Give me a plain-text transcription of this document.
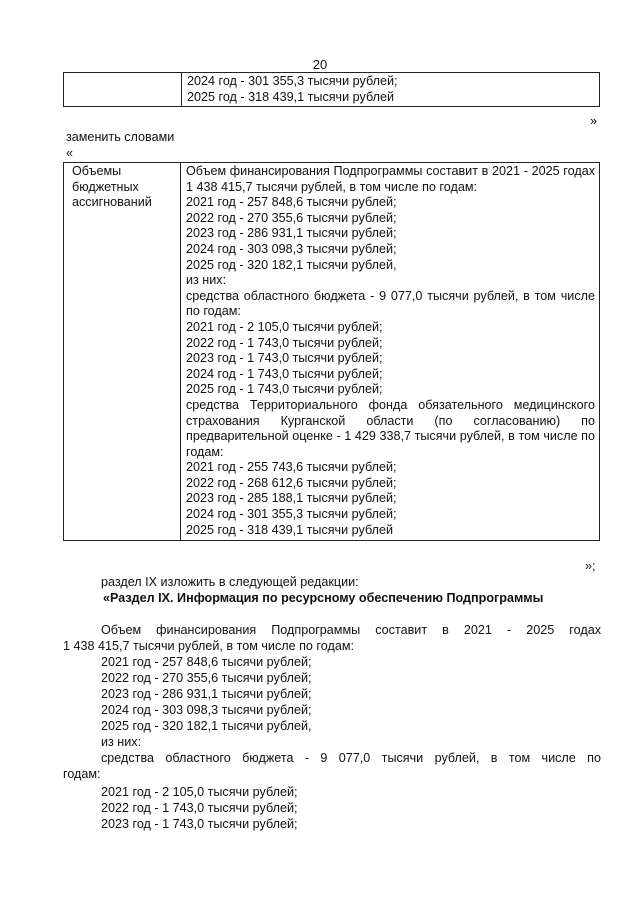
20

2024 год - 301 355,3 тысячи рублей;

2025 год - 318 439,1 тысячи рублей

»
заменить словами
«

Объемы бюджетных ассигнований

Объем финансирования Подпрограммы составит в 2021 - 2025 годах 1 438 415,7 тысячи рублей, в том числе по годам:

2021 год - 257 848,6 тысячи рублей;

2022 год - 270 355,6 тысячи рублей;

2023 год - 286 931,1 тысячи рублей;

2024 год - 303 098,3 тысячи рублей;

2025 год - 320 182,1 тысячи рублей,

из них:

средства областного бюджета - 9 077,0 тысячи рублей, в том числе по годам:

2021 год - 2 105,0 тысячи рублей;

2022 год - 1 743,0 тысячи рублей;

2023 год - 1 743,0 тысячи рублей;

2024 год - 1 743,0 тысячи рублей;

2025 год - 1 743,0 тысячи рублей;

средства Территориального фонда обязательного медицинского страхования Курганской области (по согласованию) по предварительной оценке - 1 429 338,7 тысячи рублей, в том числе по годам:

2021 год - 255 743,6 тысячи рублей;

2022 год - 268 612,6 тысячи рублей;

2023 год - 285 188,1 тысячи рублей;

2024 год - 301 355,3 тысячи рублей;

2025 год - 318 439,1 тысячи рублей

»;
раздел IX изложить в следующей редакции:
«Раздел IX. Информация по ресурсному обеспечению Подпрограммы
Объем финансирования Подпрограммы составит в 2021 - 2025 годах
1 438 415,7 тысячи рублей, в том числе по годам:

2021 год - 257 848,6 тысячи рублей;

2022 год - 270 355,6 тысячи рублей;

2023 год - 286 931,1 тысячи рублей;

2024 год - 303 098,3 тысячи рублей;

2025 год - 320 182,1 тысячи рублей,

из них:

средства областного бюджета - 9 077,0 тысячи рублей, в том числе по
годам:

2021 год - 2 105,0 тысячи рублей;

2022 год - 1 743,0 тысячи рублей;

2023 год - 1 743,0 тысячи рублей;
